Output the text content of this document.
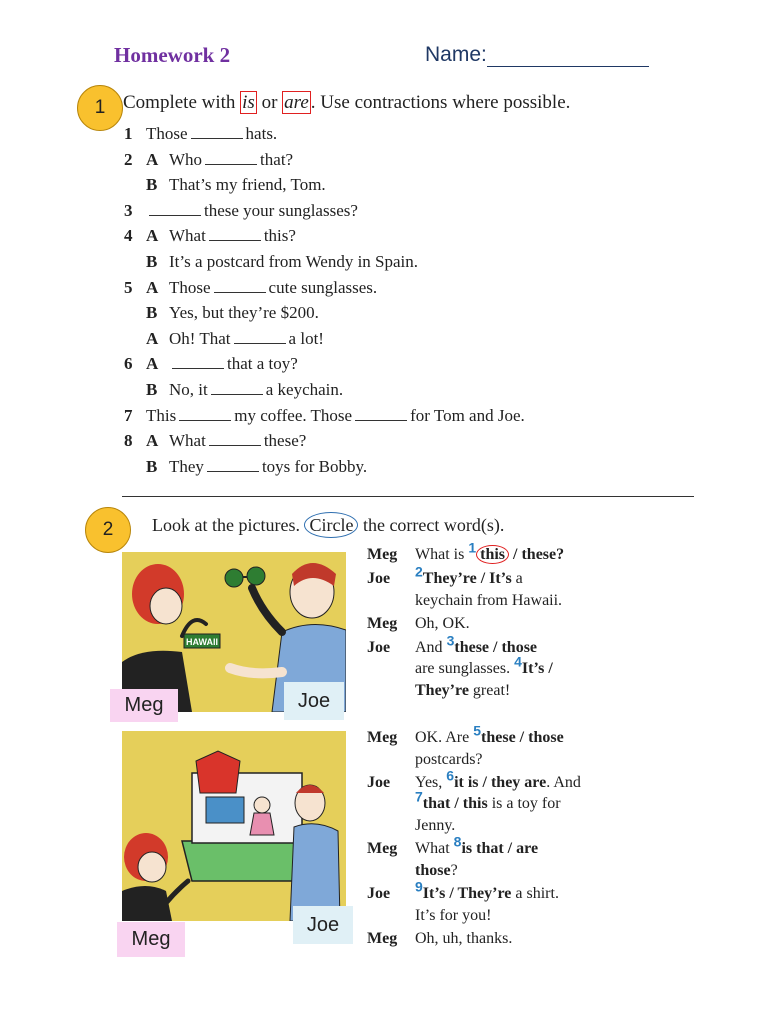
Homework 2	Name:
1 Complete with is or are . Use contractions where possible.
1 Those	hats.
2 A Who	that?
B That’s my friend, Tom.
3	these your sunglasses?
4 A What	this?
B It’s a postcard from Wendy in Spain.
5 A Those	cute sunglasses.
B Yes, but they’re $200.
A Oh! That	a lot!
6 A	that a toy?
B No, it	a keychain.
7 This	my coffee. Those	for Tom and Joe.
8 A What	these?
B They	toys for Bobby.
2	Look at the pictures. Circle the correct word(s).
HAWAII
Meg	Joe
Joe
Meg
Meg What is 1 this / these?
Joe 2They’re / It’s a
keychain from Hawaii.
Meg Oh, OK.
Joe And 3these / those
are sunglasses. 4It’s /
They’re great!
Meg OK. Are 5these / those
postcards?
Joe Yes, 6it is / they are. And
7that / this is a toy for
Jenny.
Meg What 8is that / are
those?
Joe 9It’s / They’re a shirt.
It’s for you!
Meg Oh, uh, thanks.
